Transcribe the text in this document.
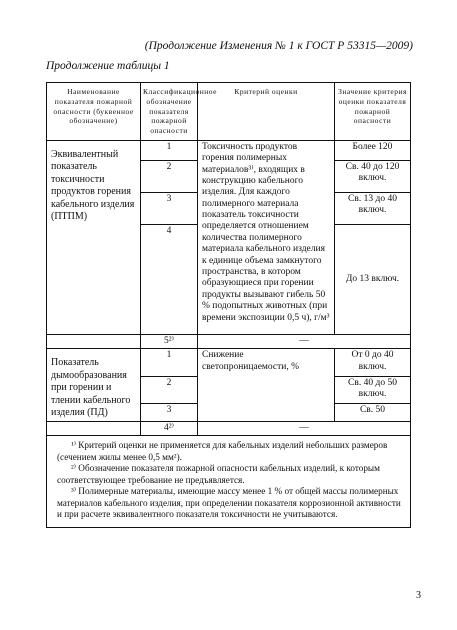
(Продолжение Изменения № 1 к ГОСТ Р 53315—2009)
Продолжение таблицы 1
Наименование показателя пожарной опасности (буквенное обозначение)	Классификационное обозначение показателя пожарной опасности	Критерий оценки	Значение критерия оценки показателя пожарной опасности
Эквивалентный показатель токсичности продуктов горения кабельного изделия (ПТПМ)	1	Токсичность продуктов горения полимерных материалов³⁾, входящих в конструкцию кабельного изделия. Для каждого полимерного материала показатель токсичности определяется отношением количества полимерного материала кабельного изделия к единице объема замкнутого пространства, в котором образующиеся при горении продукты вызывают гибель 50 % подопытных животных (при времени экспозиции 0,5 ч), г/м³	Более 120
	2		Св. 40 до 120 включ.
	3		Св. 13 до 40 включ.
	4		До 13 включ.
	5²⁾	—	
Показатель дымообразования при горении и тлении кабельного изделия (ПД)	1	Снижение светопроницаемости, %	От 0 до 40 включ.
	2		Св. 40 до 50 включ.
	3		Св. 50
	4²⁾	—	

¹⁾ Критерий оценки не применяется для кабельных изделий небольших размеров (сечением жилы менее 0,5 мм²).

²⁾ Обозначение показателя пожарной опасности кабельных изделий, к которым соответствующее требование не предъявляется.

³⁾ Полимерные материалы, имеющие массу менее 1 % от общей массы полимерных материалов кабельного изделия, при определении показателя коррозионной активности и при расчете эквивалентного показателя токсичности не учитываются.			

3
